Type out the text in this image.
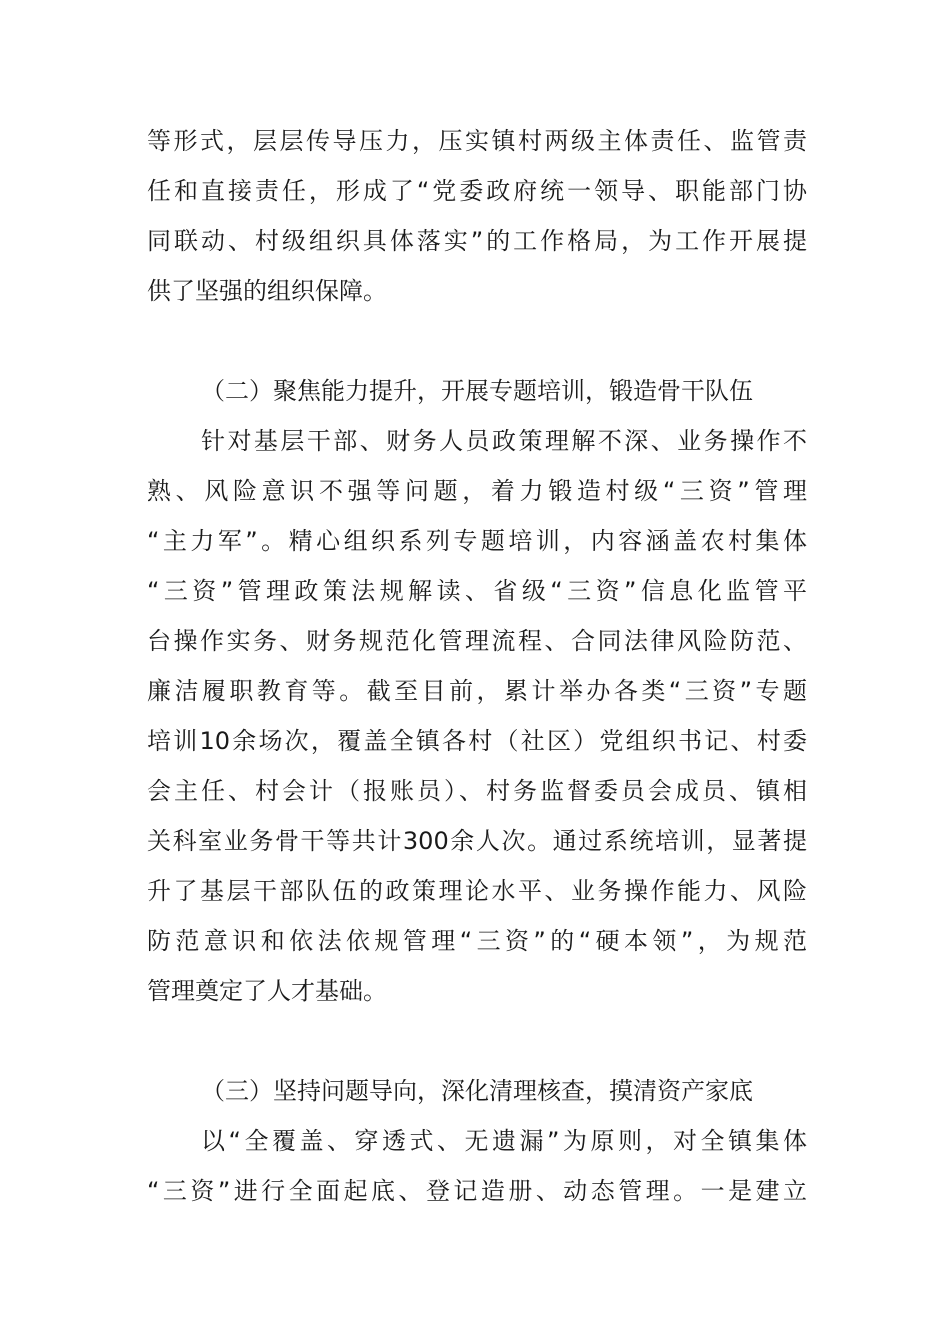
等形式，层层传导压力，压实镇村两级主体责任、监管责
任和直接责任，形成了“党委政府统一领导、职能部门协
同联动、村级组织具体落实”的工作格局，为工作开展提
供了坚强的组织保障。
（二）聚焦能力提升，开展专题培训，锻造骨干队伍
针对基层干部、财务人员政策理解不深、业务操作不
熟、风险意识不强等问题，着力锻造村级“三资”管理
“主力军”。精心组织系列专题培训，内容涵盖农村集体
“三资”管理政策法规解读、省级“三资”信息化监管平
台操作实务、财务规范化管理流程、合同法律风险防范、
廉洁履职教育等。截至目前，累计举办各类“三资”专题
培训10余场次，覆盖全镇各村（社区）党组织书记、村委
会主任、村会计（报账员）、村务监督委员会成员、镇相
关科室业务骨干等共计300余人次。通过系统培训，显著提
升了基层干部队伍的政策理论水平、业务操作能力、风险
防范意识和依法依规管理“三资”的“硬本领”，为规范
管理奠定了人才基础。
（三）坚持问题导向，深化清理核查，摸清资产家底
以“全覆盖、穿透式、无遗漏”为原则，对全镇集体
“三资”进行全面起底、登记造册、动态管理。一是建立
